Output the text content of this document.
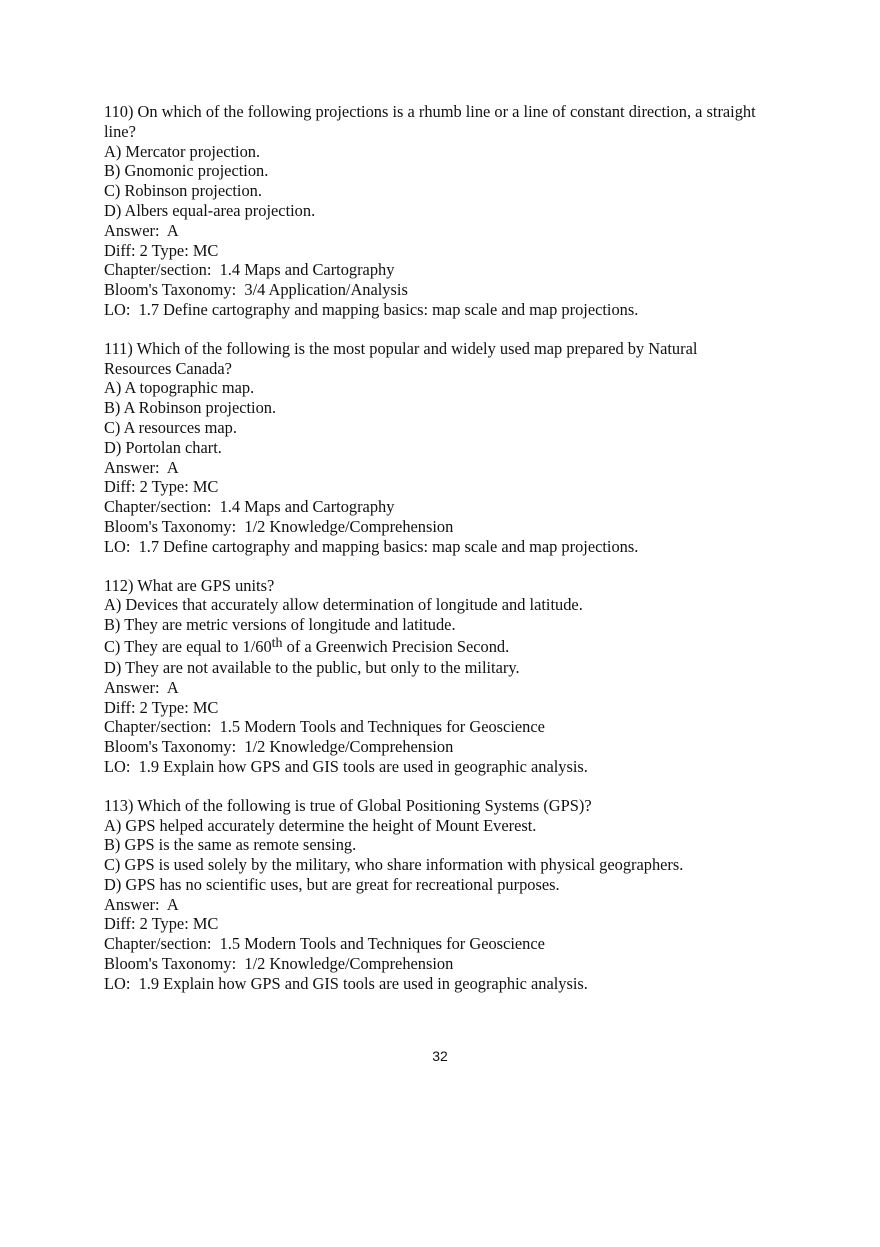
110) On which of the following projections is a rhumb line or a line of constant direction, a straight line?

A) Mercator projection.

B) Gnomonic projection.

C) Robinson projection.

D) Albers equal-area projection.

Answer:  A

Diff: 2 Type: MC

Chapter/section:  1.4 Maps and Cartography

Bloom's Taxonomy:  3/4 Application/Analysis

LO:  1.7 Define cartography and mapping basics: map scale and map projections.

111) Which of the following is the most popular and widely used map prepared by Natural Resources Canada?

A) A topographic map.

B) A Robinson projection.

C) A resources map.

D) Portolan chart.

Answer:  A

Diff: 2 Type: MC

Chapter/section:  1.4 Maps and Cartography

Bloom's Taxonomy:  1/2 Knowledge/Comprehension

LO:  1.7 Define cartography and mapping basics: map scale and map projections.

112) What are GPS units?

A) Devices that accurately allow determination of longitude and latitude.

B) They are metric versions of longitude and latitude.

C) They are equal to 1/60th of a Greenwich Precision Second.

D) They are not available to the public, but only to the military.

Answer:  A

Diff: 2 Type: MC

Chapter/section:  1.5 Modern Tools and Techniques for Geoscience

Bloom's Taxonomy:  1/2 Knowledge/Comprehension

LO:  1.9 Explain how GPS and GIS tools are used in geographic analysis.

113) Which of the following is true of Global Positioning Systems (GPS)?

A) GPS helped accurately determine the height of Mount Everest.

B) GPS is the same as remote sensing.

C) GPS is used solely by the military, who share information with physical geographers.

D) GPS has no scientific uses, but are great for recreational purposes.

Answer:  A

Diff: 2 Type: MC

Chapter/section:  1.5 Modern Tools and Techniques for Geoscience

Bloom's Taxonomy:  1/2 Knowledge/Comprehension

LO:  1.9 Explain how GPS and GIS tools are used in geographic analysis.

32
